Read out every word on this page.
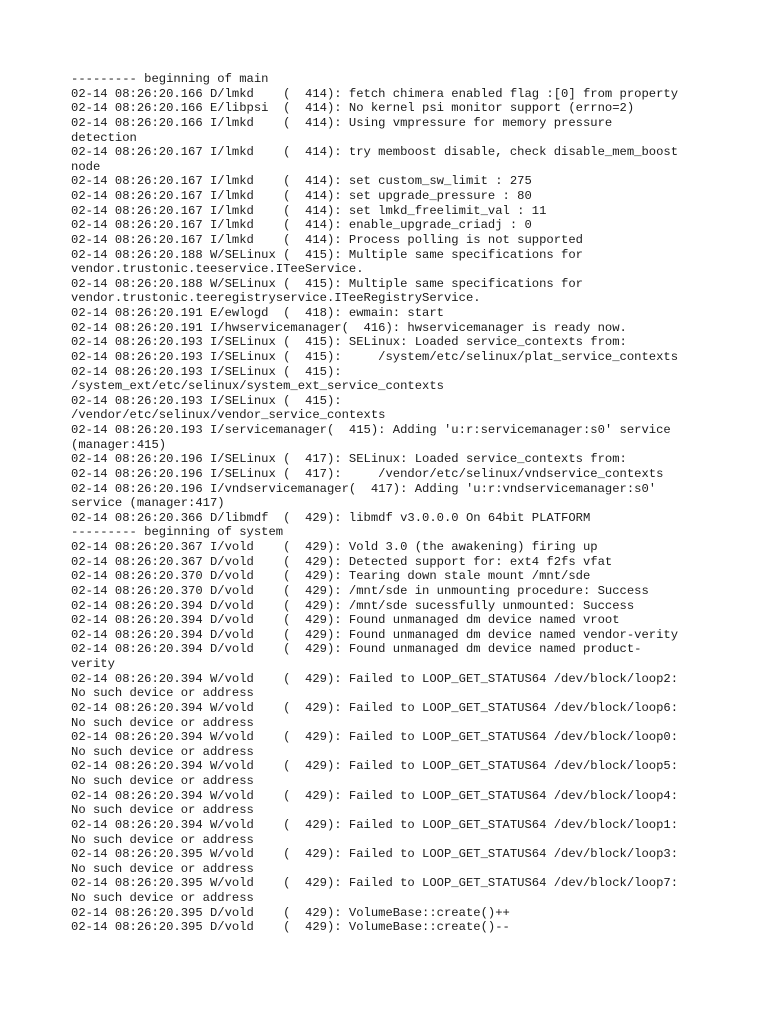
--------- beginning of main
02-14 08:26:20.166 D/lmkd    (  414): fetch chimera enabled flag :[0] from property
02-14 08:26:20.166 E/libpsi  (  414): No kernel psi monitor support (errno=2)
02-14 08:26:20.166 I/lmkd    (  414): Using vmpressure for memory pressure
detection
02-14 08:26:20.167 I/lmkd    (  414): try memboost disable, check disable_mem_boost
node
02-14 08:26:20.167 I/lmkd    (  414): set custom_sw_limit : 275
02-14 08:26:20.167 I/lmkd    (  414): set upgrade_pressure : 80
02-14 08:26:20.167 I/lmkd    (  414): set lmkd_freelimit_val : 11
02-14 08:26:20.167 I/lmkd    (  414): enable_upgrade_criadj : 0
02-14 08:26:20.167 I/lmkd    (  414): Process polling is not supported
02-14 08:26:20.188 W/SELinux (  415): Multiple same specifications for
vendor.trustonic.teeservice.ITeeService.
02-14 08:26:20.188 W/SELinux (  415): Multiple same specifications for
vendor.trustonic.teeregistryservice.ITeeRegistryService.
02-14 08:26:20.191 E/ewlogd  (  418): ewmain: start
02-14 08:26:20.191 I/hwservicemanager(  416): hwservicemanager is ready now.
02-14 08:26:20.193 I/SELinux (  415): SELinux: Loaded service_contexts from:
02-14 08:26:20.193 I/SELinux (  415):     /system/etc/selinux/plat_service_contexts
02-14 08:26:20.193 I/SELinux (  415):
/system_ext/etc/selinux/system_ext_service_contexts
02-14 08:26:20.193 I/SELinux (  415):
/vendor/etc/selinux/vendor_service_contexts
02-14 08:26:20.193 I/servicemanager(  415): Adding 'u:r:servicemanager:s0' service
(manager:415)
02-14 08:26:20.196 I/SELinux (  417): SELinux: Loaded service_contexts from:
02-14 08:26:20.196 I/SELinux (  417):     /vendor/etc/selinux/vndservice_contexts
02-14 08:26:20.196 I/vndservicemanager(  417): Adding 'u:r:vndservicemanager:s0'
service (manager:417)
02-14 08:26:20.366 D/libmdf  (  429): libmdf v3.0.0.0 On 64bit PLATFORM
--------- beginning of system
02-14 08:26:20.367 I/vold    (  429): Vold 3.0 (the awakening) firing up
02-14 08:26:20.367 D/vold    (  429): Detected support for: ext4 f2fs vfat
02-14 08:26:20.370 D/vold    (  429): Tearing down stale mount /mnt/sde
02-14 08:26:20.370 D/vold    (  429): /mnt/sde in unmounting procedure: Success
02-14 08:26:20.394 D/vold    (  429): /mnt/sde sucessfully unmounted: Success
02-14 08:26:20.394 D/vold    (  429): Found unmanaged dm device named vroot
02-14 08:26:20.394 D/vold    (  429): Found unmanaged dm device named vendor-verity
02-14 08:26:20.394 D/vold    (  429): Found unmanaged dm device named product-
verity
02-14 08:26:20.394 W/vold    (  429): Failed to LOOP_GET_STATUS64 /dev/block/loop2:
No such device or address
02-14 08:26:20.394 W/vold    (  429): Failed to LOOP_GET_STATUS64 /dev/block/loop6:
No such device or address
02-14 08:26:20.394 W/vold    (  429): Failed to LOOP_GET_STATUS64 /dev/block/loop0:
No such device or address
02-14 08:26:20.394 W/vold    (  429): Failed to LOOP_GET_STATUS64 /dev/block/loop5:
No such device or address
02-14 08:26:20.394 W/vold    (  429): Failed to LOOP_GET_STATUS64 /dev/block/loop4:
No such device or address
02-14 08:26:20.394 W/vold    (  429): Failed to LOOP_GET_STATUS64 /dev/block/loop1:
No such device or address
02-14 08:26:20.395 W/vold    (  429): Failed to LOOP_GET_STATUS64 /dev/block/loop3:
No such device or address
02-14 08:26:20.395 W/vold    (  429): Failed to LOOP_GET_STATUS64 /dev/block/loop7:
No such device or address
02-14 08:26:20.395 D/vold    (  429): VolumeBase::create()++
02-14 08:26:20.395 D/vold    (  429): VolumeBase::create()--
